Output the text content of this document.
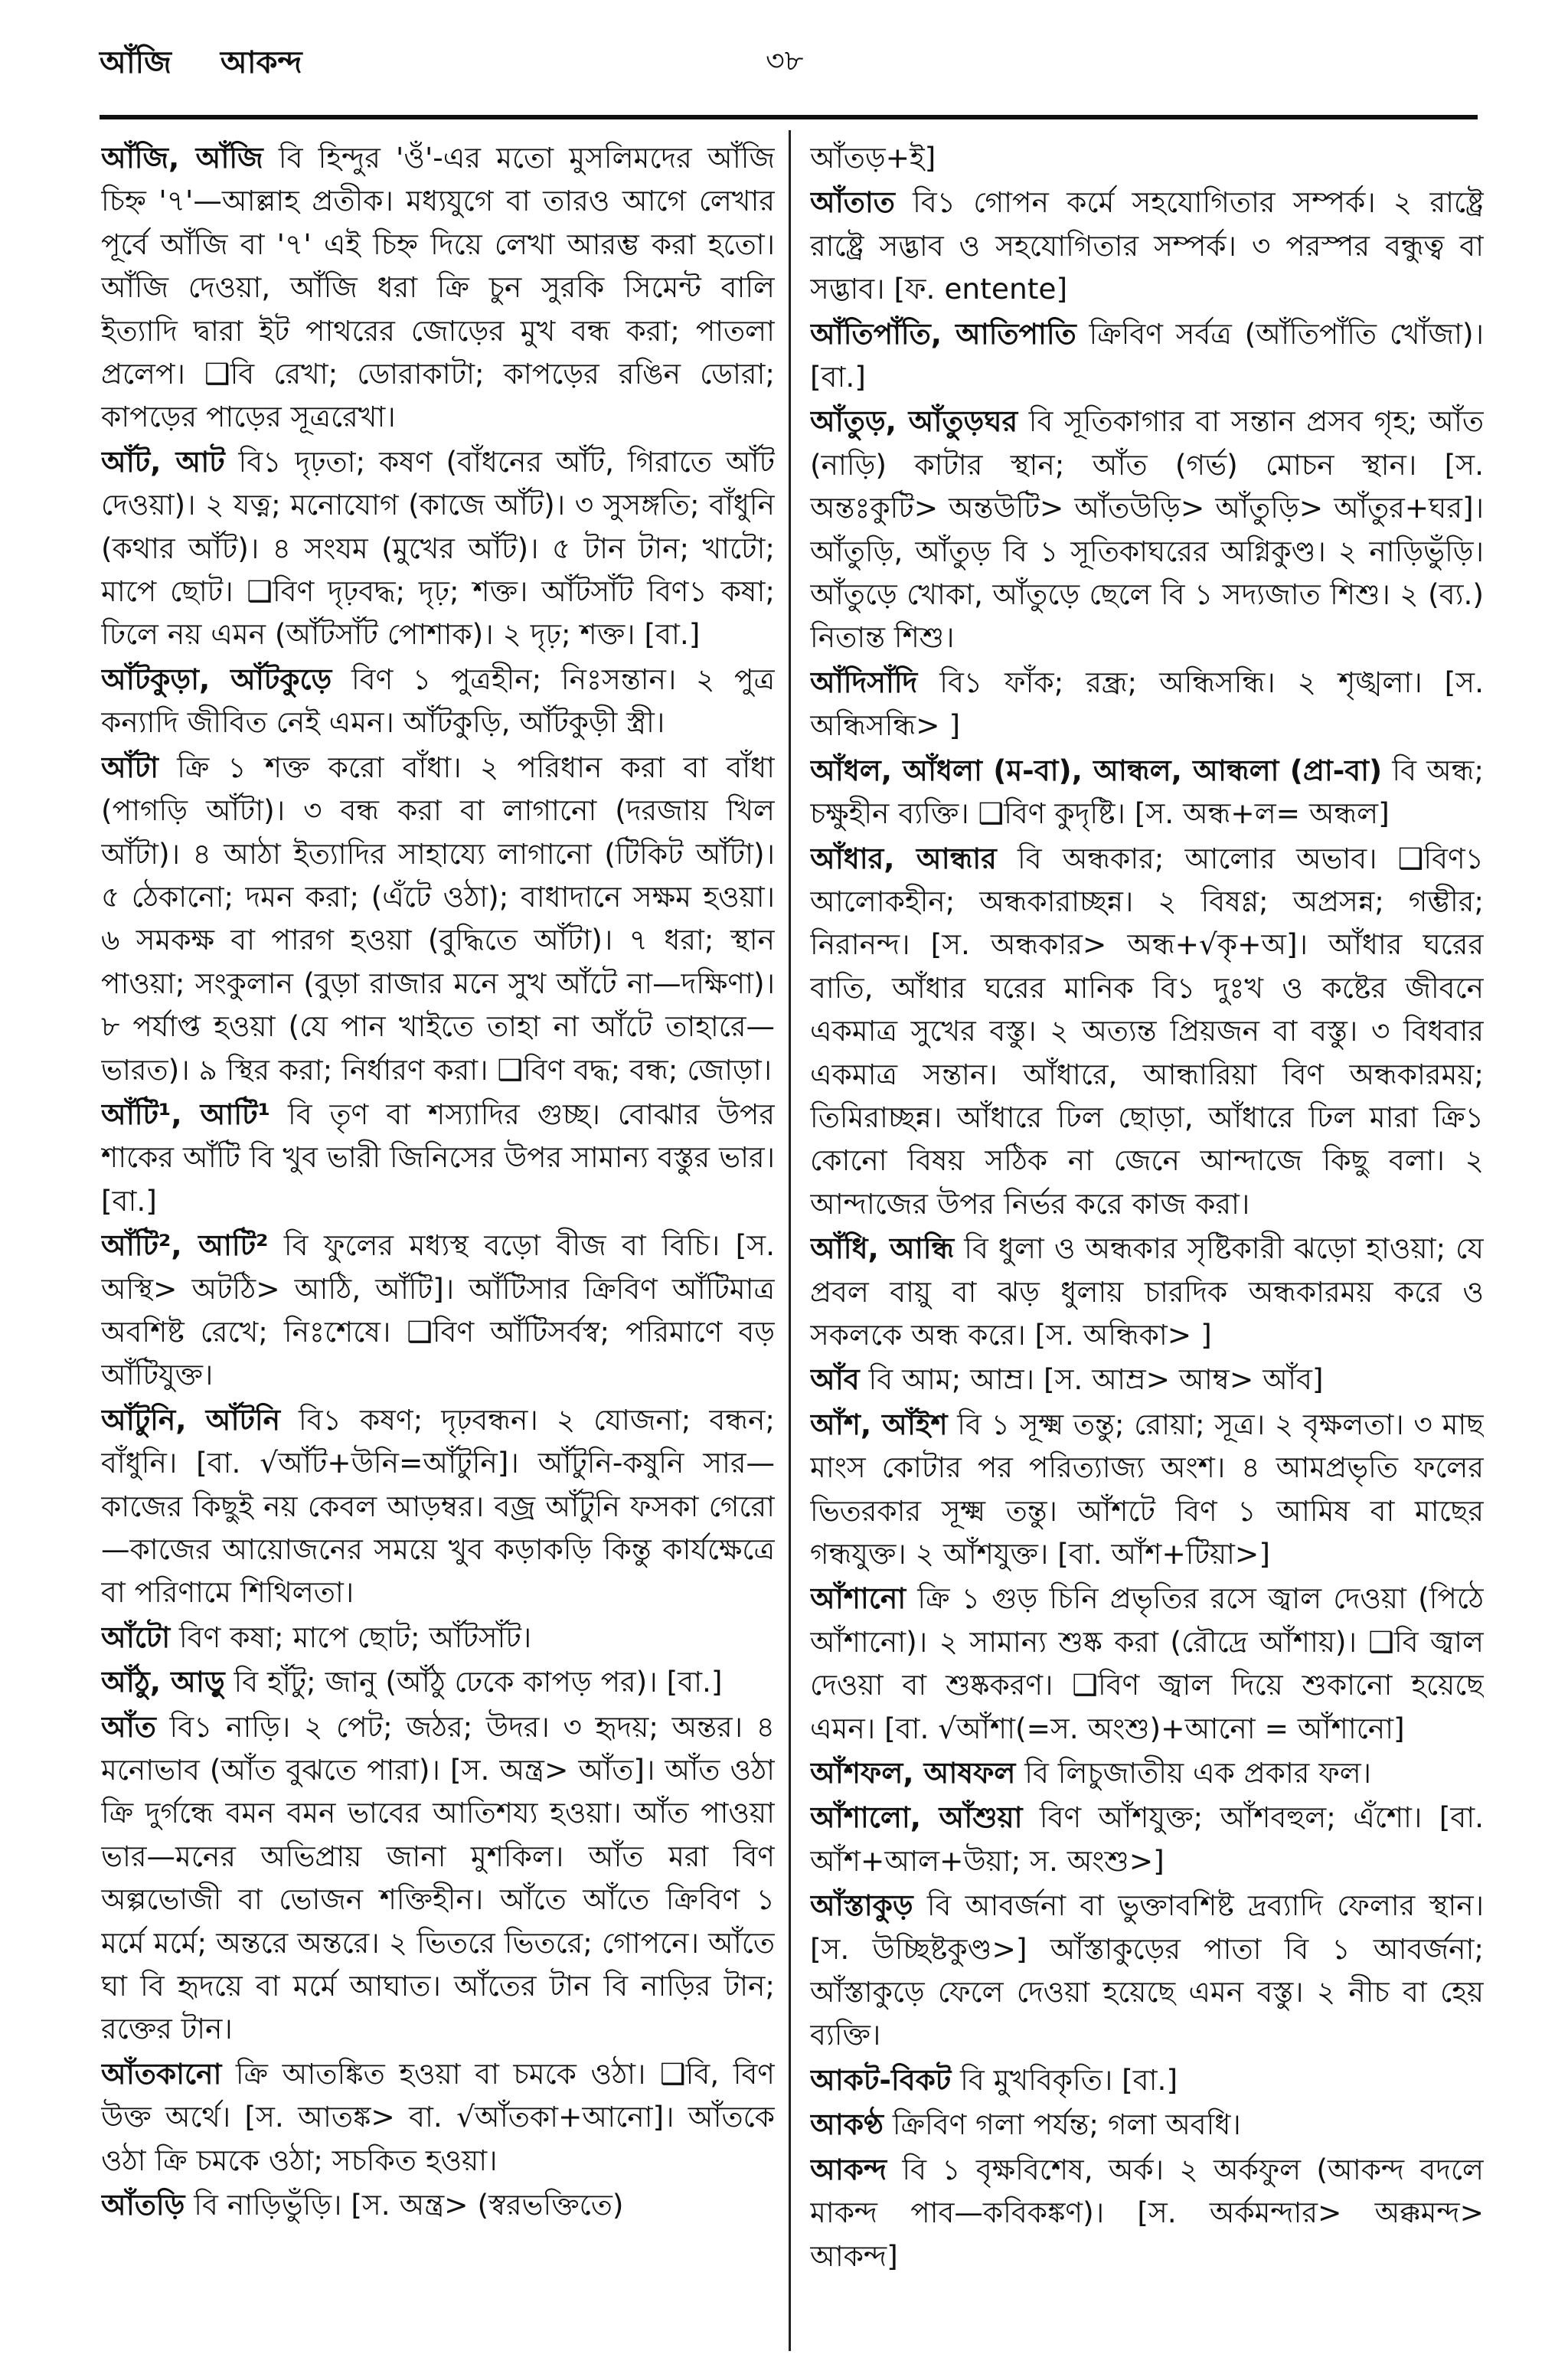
আঁজি আকন্দ	৩৮

আঁজি, আঁজি বি হিন্দুর 'ওঁ'-এর মতো মুসলিমদের আঁজি চিহ্ন '৭'—আল্লাহ প্রতীক। মধ্যযুগে বা তারও আগে লেখার পূর্বে আঁজি বা '৭' এই চিহ্ন দিয়ে লেখা আরম্ভ করা হতো। আঁজি দেওয়া, আঁজি ধরা ক্রি চুন সুরকি সিমেন্ট বালি ইত্যাদি দ্বারা ইট পাথরের জোড়ের মুখ বন্ধ করা; পাতলা প্রলেপ। ❑বি রেখা; ডোরাকাটা; কাপড়ের রঙিন ডোরা; কাপড়ের পাড়ের সূত্ররেখা।

আঁট, আট বি১ দৃঢ়তা; কষণ (বাঁধনের আঁট, গিরাতে আঁট দেওয়া)। ২ যত্ন; মনোযোগ (কাজে আঁট)। ৩ সুসঙ্গতি; বাঁধুনি (কথার আঁট)। ৪ সংযম (মুখের আঁট)। ৫ টান টান; খাটো; মাপে ছোট। ❑বিণ দৃঢ়বদ্ধ; দৃঢ়; শক্ত। আঁটসাঁট বিণ১ কষা; ঢিলে নয় এমন (আঁটসাঁট পোশাক)। ২ দৃঢ়; শক্ত। [বা.]

আঁটকুড়া, আঁটকুড়ে বিণ ১ পুত্রহীন; নিঃসন্তান। ২ পুত্র কন্যাদি জীবিত নেই এমন। আঁটকুড়ি, আঁটকুড়ী স্ত্রী।

আঁটা ক্রি ১ শক্ত করো বাঁধা। ২ পরিধান করা বা বাঁধা (পাগড়ি আঁটা)। ৩ বন্ধ করা বা লাগানো (দরজায় খিল আঁটা)। ৪ আঠা ইত্যাদির সাহায্যে লাগানো (টিকিট আঁটা)। ৫ ঠেকানো; দমন করা; (এঁটে ওঠা); বাধাদানে সক্ষম হওয়া। ৬ সমকক্ষ বা পারগ হওয়া (বুদ্ধিতে আঁটা)। ৭ ধরা; স্থান পাওয়া; সংকুলান (বুড়া রাজার মনে সুখ আঁটে না—দক্ষিণা)। ৮ পর্যাপ্ত হওয়া (যে পান খাইতে তাহা না আঁটে তাহারে—ভারত)। ৯ স্থির করা; নির্ধারণ করা। ❑বিণ বদ্ধ; বন্ধ; জোড়া।

আঁটি¹, আটি¹ বি তৃণ বা শস্যাদির গুচ্ছ। বোঝার উপর শাকের আঁটি বি খুব ভারী জিনিসের উপর সামান্য বস্তুর ভার। [বা.]

আঁটি², আটি² বি ফুলের মধ্যস্থ বড়ো বীজ বা বিচি। [স. অস্থি> অটঠি> আঠি, আঁটি]। আঁটিসার ক্রিবিণ আঁটিমাত্র অবশিষ্ট রেখে; নিঃশেষে। ❑বিণ আঁটিসর্বস্ব; পরিমাণে বড় আঁটিযুক্ত।

আঁটুনি, আঁটনি বি১ কষণ; দৃঢ়বন্ধন। ২ যোজনা; বন্ধন; বাঁধুনি। [বা. √আঁট+উনি=আঁটুনি]। আঁটুনি-কষুনি সার—কাজের কিছুই নয় কেবল আড়ম্বর। বজ্র আঁটুনি ফসকা গেরো—কাজের আয়োজনের সময়ে খুব কড়াকড়ি কিন্তু কার্যক্ষেত্রে বা পরিণামে শিথিলতা।

আঁটো বিণ কষা; মাপে ছোট; আঁটসাঁট।

আঁঠু, আড়ু বি হাঁটু; জানু (আঁঠু ঢেকে কাপড় পর)। [বা.]

আঁত বি১ নাড়ি। ২ পেট; জঠর; উদর। ৩ হৃদয়; অন্তর। ৪ মনোভাব (আঁত বুঝতে পারা)। [স. অন্ত্র> আঁত]। আঁত ওঠা ক্রি দুর্গন্ধে বমন বমন ভাবের আতিশয্য হওয়া। আঁত পাওয়া ভার—মনের অভিপ্রায় জানা মুশকিল। আঁত মরা বিণ অল্পভোজী বা ভোজন শক্তিহীন। আঁতে আঁতে ক্রিবিণ ১ মর্মে মর্মে; অন্তরে অন্তরে। ২ ভিতরে ভিতরে; গোপনে। আঁতে ঘা বি হৃদয়ে বা মর্মে আঘাত। আঁতের টান বি নাড়ির টান; রক্তের টান।

আঁতকানো ক্রি আতঙ্কিত হওয়া বা চমকে ওঠা। ❑বি, বিণ উক্ত অর্থে। [স. আতঙ্ক> বা. √আঁতকা+আনো]। আঁতকে ওঠা ক্রি চমকে ওঠা; সচকিত হওয়া।

আঁতড়ি বি নাড়িভুঁড়ি। [স. অন্ত্র> (স্বরভক্তিতে)

আঁতড়+ই]

আঁতাত বি১ গোপন কর্মে সহযোগিতার সম্পর্ক। ২ রাষ্ট্রে রাষ্ট্রে সদ্ভাব ও সহযোগিতার সম্পর্ক। ৩ পরস্পর বন্ধুত্ব বা সদ্ভাব। [ফ. entente]

আঁতিপাঁতি, আতিপাতি ক্রিবিণ সর্বত্র (আঁতিপাঁতি খোঁজা)। [বা.]

আঁতুড়, আঁতুড়ঘর বি সূতিকাগার বা সন্তান প্রসব গৃহ; আঁত (নাড়ি) কাটার স্থান; আঁত (গর্ভ) মোচন স্থান। [স. অন্তঃকুটি> অন্তউটি> আঁতউড়ি> আঁতুড়ি> আঁতুর+ঘর]। আঁতুড়ি, আঁতুড় বি ১ সূতিকাঘরের অগ্নিকুণ্ড। ২ নাড়িভুঁড়ি। আঁতুড়ে খোকা, আঁতুড়ে ছেলে বি ১ সদ্যজাত শিশু। ২ (ব্য.) নিতান্ত শিশু।

আঁদিসাঁদি বি১ ফাঁক; রন্ধ্র; অন্ধিসন্ধি। ২ শৃঙ্খলা। [স. অন্ধিসন্ধি> ]

আঁধল, আঁধলা (ম-বা), আন্ধল, আন্ধলা (প্রা-বা) বি অন্ধ; চক্ষুহীন ব্যক্তি। ❑বিণ কুদৃষ্টি। [স. অন্ধ+ল= অন্ধল]

আঁধার, আন্ধার বি অন্ধকার; আলোর অভাব। ❑বিণ১ আলোকহীন; অন্ধকারাচ্ছন্ন। ২ বিষণ্ণ; অপ্রসন্ন; গম্ভীর; নিরানন্দ। [স. অন্ধকার> অন্ধ+√কৃ+অ]। আঁধার ঘরের বাতি, আঁধার ঘরের মানিক বি১ দুঃখ ও কষ্টের জীবনে একমাত্র সুখের বস্তু। ২ অত্যন্ত প্রিয়জন বা বস্তু। ৩ বিধবার একমাত্র সন্তান। আঁধারে, আন্ধারিয়া বিণ অন্ধকারময়; তিমিরাচ্ছন্ন। আঁধারে ঢিল ছোড়া, আঁধারে ঢিল মারা ক্রি১ কোনো বিষয় সঠিক না জেনে আন্দাজে কিছু বলা। ২ আন্দাজের উপর নির্ভর করে কাজ করা।

আঁধি, আন্ধি বি ধুলা ও অন্ধকার সৃষ্টিকারী ঝড়ো হাওয়া; যে প্রবল বায়ু বা ঝড় ধুলায় চারদিক অন্ধকারময় করে ও সকলকে অন্ধ করে। [স. অন্ধিকা> ]

আঁব বি আম; আম্র। [স. আম্র> আম্ব> আঁব]

আঁশ, আঁইশ বি ১ সূক্ষ্ম তন্তু; রোয়া; সূত্র। ২ বৃক্ষলতা। ৩ মাছ মাংস কোটার পর পরিত্যাজ্য অংশ। ৪ আমপ্রভৃতি ফলের ভিতরকার সূক্ষ্ম তন্তু। আঁশটে বিণ ১ আমিষ বা মাছের গন্ধযুক্ত। ২ আঁশযুক্ত। [বা. আঁশ+টিয়া>]

আঁশানো ক্রি ১ গুড় চিনি প্রভৃতির রসে জ্বাল দেওয়া (পিঠে আঁশানো)। ২ সামান্য শুষ্ক করা (রৌদ্রে আঁশায়)। ❑বি জ্বাল দেওয়া বা শুষ্ককরণ। ❑বিণ জ্বাল দিয়ে শুকানো হয়েছে এমন। [বা. √আঁশা(=স. অংশু)+আনো = আঁশানো]

আঁশফল, আষফল বি লিচুজাতীয় এক প্রকার ফল।

আঁশালো, আঁশুয়া বিণ আঁশযুক্ত; আঁশবহুল; এঁশো। [বা. আঁশ+আল+উয়া; স. অংশু>]

আঁস্তাকুড় বি আবর্জনা বা ভুক্তাবশিষ্ট দ্রব্যাদি ফেলার স্থান। [স. উচ্ছিষ্টকুণ্ড>] আঁস্তাকুড়ের পাতা বি ১ আবর্জনা; আঁস্তাকুড়ে ফেলে দেওয়া হয়েছে এমন বস্তু। ২ নীচ বা হেয় ব্যক্তি।

আকট-বিকট বি মুখবিকৃতি। [বা.]

আকণ্ঠ ক্রিবিণ গলা পর্যন্ত; গলা অবধি।

আকন্দ বি ১ বৃক্ষবিশেষ, অর্ক। ২ অর্কফুল (আকন্দ বদলে মাকন্দ পাব—কবিকঙ্কণ)। [স. অর্কমন্দার> অক্কমন্দ> আকন্দ]
